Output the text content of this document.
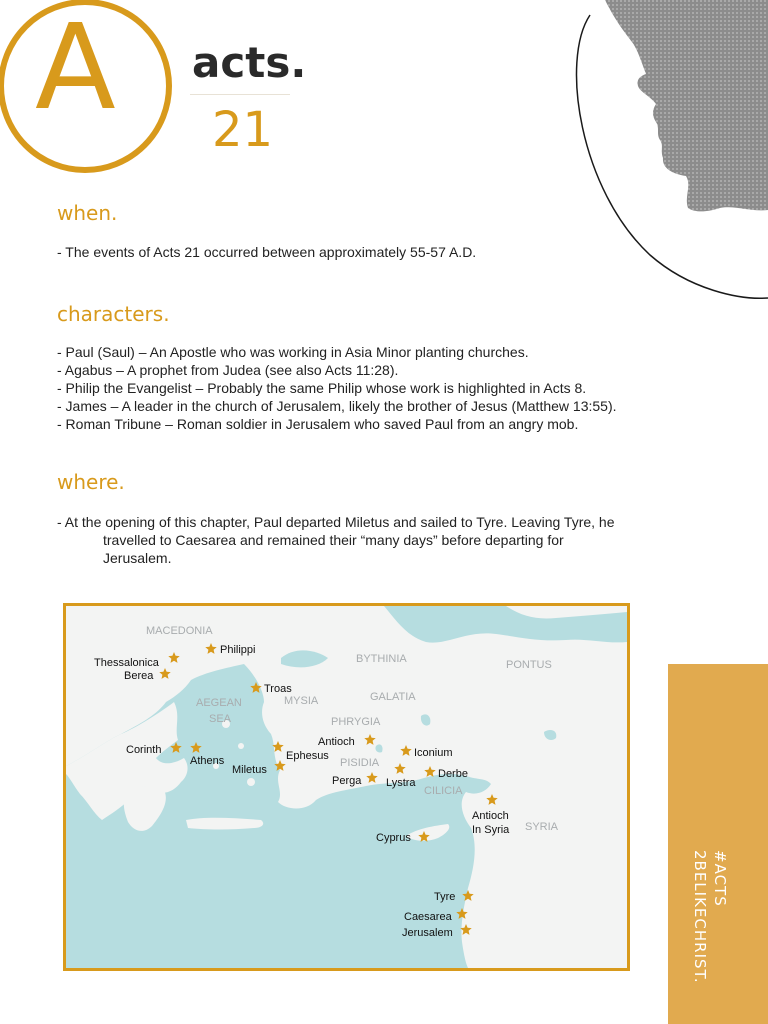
A acts.
21
when.
- The events of Acts 21 occurred between approximately 55-57 A.D.
characters.
- Paul (Saul) – An Apostle who was working in Asia Minor planting churches.
- Agabus – A prophet from Judea (see also Acts 11:28).
- Philip the Evangelist – Probably the same Philip whose work is highlighted in Acts 8.
- James – A leader in the church of Jerusalem, likely the brother of Jesus (Matthew 13:55).
- Roman Tribune – Roman soldier in Jerusalem who saved Paul from an angry mob.
where.
- At the opening of this chapter, Paul departed Miletus and sailed to Tyre. Leaving Tyre, he
travelled to Caesarea and remained their “many days” before departing for
Jerusalem.
MACEDONIA
BYTHINIA	PONTUS
AEGEAN
SEA
MYSIA	GALATIA
PHRYGIA
PISIDIA
CILICIA
SYRIA
Philippi
Thessalonica
Berea
Troas
Corinth
Athens	Ephesus
Miletus
Antioch
Iconium
Lystra
Derbe
Perga
Antioch
In Syria
Cyprus
Tyre
Caesarea
Jerusalem
#ACTS
2BELIKECHRIST.
